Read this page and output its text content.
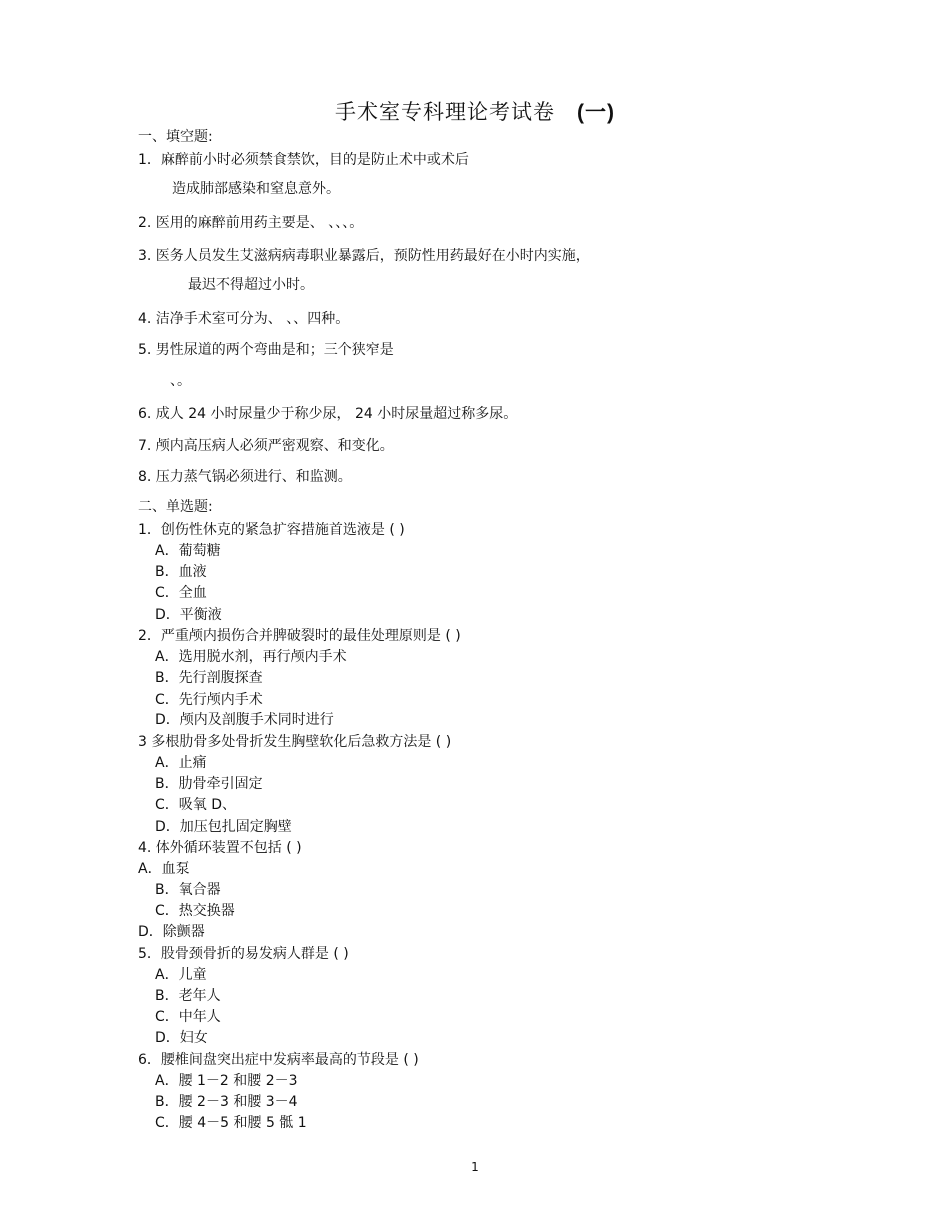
手术室专科理论考试卷 (一)
一、填空题:
1．麻醉前小时必须禁食禁饮，目的是防止术中或术后
造成肺部感染和窒息意外。
2. 医用的麻醉前用药主要是、 、、、。
3. 医务人员发生艾滋病病毒职业暴露后，预防性用药最好在小时内实施，
最迟不得超过小时。
4. 洁净手术室可分为、 、、四种。
5. 男性尿道的两个弯曲是和；三个狭窄是
、。
6. 成人 24 小时尿量少于称少尿， 24 小时尿量超过称多尿。
7. 颅内高压病人必须严密观察、和变化。
8. 压力蒸气锅必须进行、和监测。
二、单选题:
1．创伤性休克的紧急扩容措施首选液是 ( )
A．葡萄糖
B．血液
C．全血
D．平衡液
2．严重颅内损伤合并脾破裂时的最佳处理原则是 ( )
A．选用脱水剂，再行颅内手术
B．先行剖腹探查
C．先行颅内手术
D．颅内及剖腹手术同时进行
3 多根肋骨多处骨折发生胸壁软化后急救方法是 ( )
A．止痛
B．肋骨牵引固定
C．吸氧 D、
D．加压包扎固定胸壁
4. 体外循环装置不包括 ( )
A．血泵
B．氧合器
C．热交换器
D．除颤器
5．股骨颈骨折的易发病人群是 ( )
A．儿童
B．老年人
C．中年人
D．妇女
6．腰椎间盘突出症中发病率最高的节段是 ( )
A．腰 1－2 和腰 2－3
B．腰 2－3 和腰 3－4
C．腰 4－5 和腰 5 骶 1
1
